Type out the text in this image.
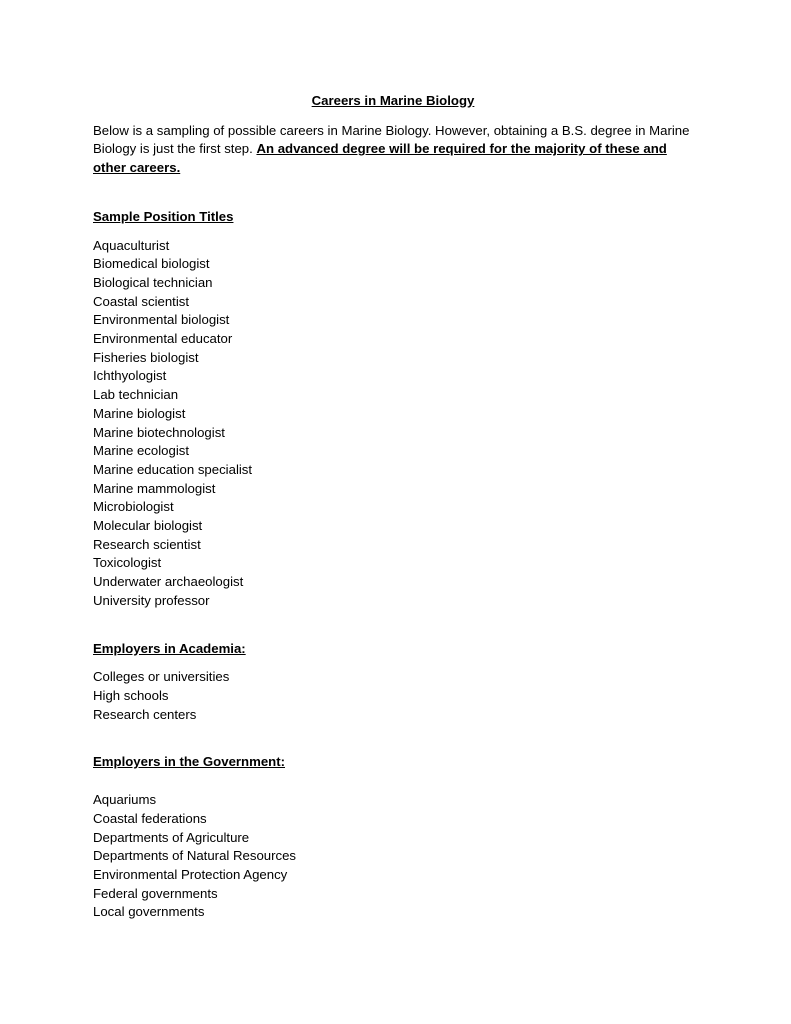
Careers in Marine Biology

Below is a sampling of possible careers in Marine Biology. However, obtaining a B.S. degree in Marine Biology is just the first step. An advanced degree will be required for the majority of these and other careers.

Sample Position Titles
Aquaculturist
Biomedical biologist
Biological technician
Coastal scientist
Environmental biologist
Environmental educator
Fisheries biologist
Ichthyologist
Lab technician
Marine biologist
Marine biotechnologist
Marine ecologist
Marine education specialist
Marine mammologist
Microbiologist
Molecular biologist
Research scientist
Toxicologist
Underwater archaeologist
University professor
Employers in Academia:
Colleges or universities
High schools
Research centers
Employers in the Government:
Aquariums
Coastal federations
Departments of Agriculture
Departments of Natural Resources
Environmental Protection Agency
Federal governments
Local governments
